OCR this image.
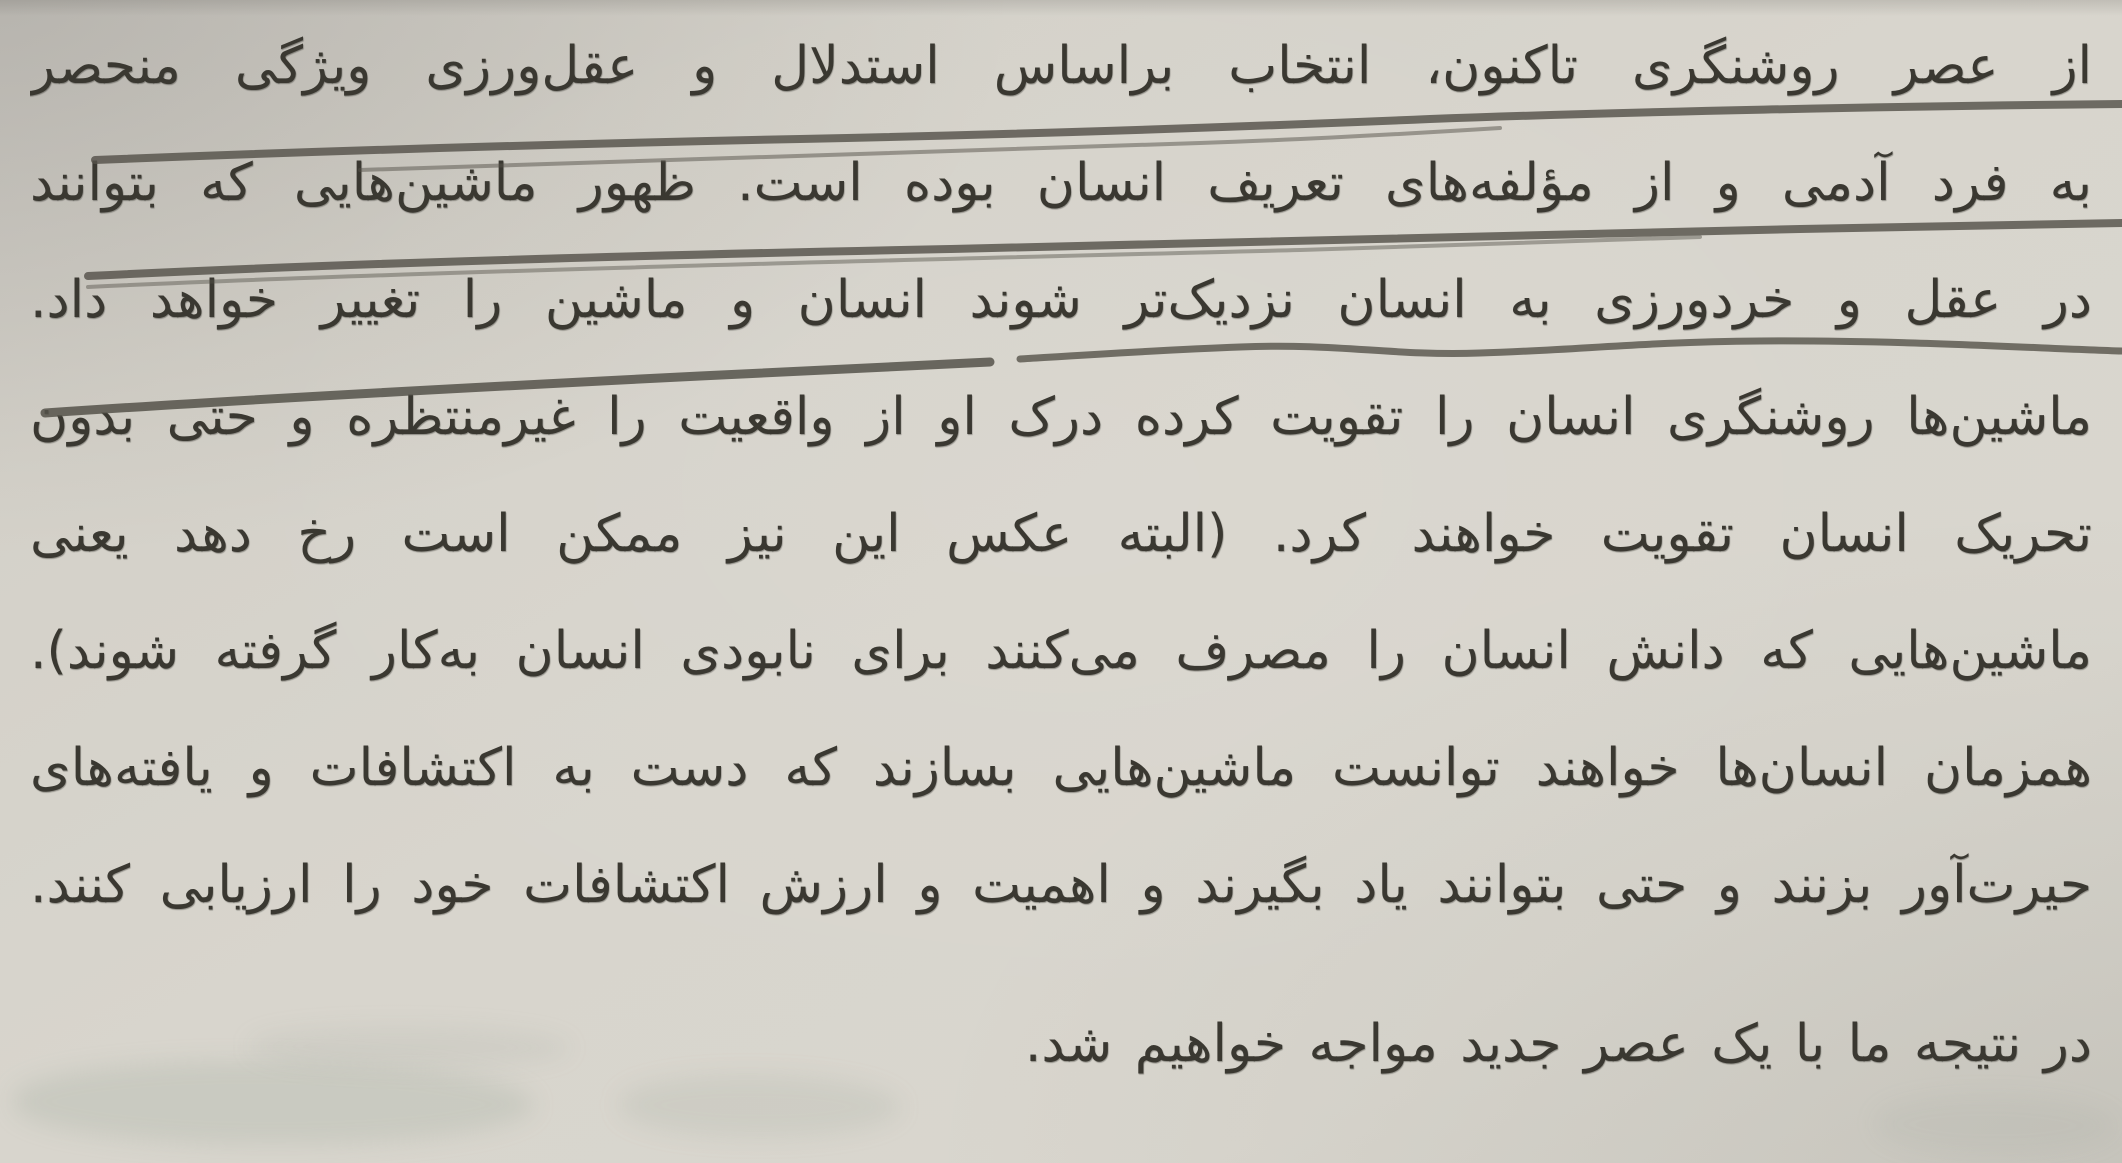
از عصر روشنگری تاکنون، انتخاب براساس استدلال و عقل‌ورزی ویژگی منحصر
به فرد آدمی و از مؤلفه‌های تعریف انسان بوده است. ظهور ماشین‌هایی که بتوانند
در عقل و خردورزی به انسان نزدیک‌تر شوند انسان و ماشین را تغییر خواهد داد.
ماشین‌ها روشنگری انسان را تقویت کرده درک او از واقعیت را غیرمنتظره و حتی بدون
تحریک انسان تقویت خواهند کرد. (البته عکس این نیز ممکن است رخ دهد یعنی
ماشین‌هایی که دانش انسان را مصرف می‌کنند برای نابودی انسان به‌کار گرفته شوند).
همزمان انسان‌ها خواهند توانست ماشین‌هایی بسازند که دست به اکتشافات و یافته‌های
حیرت‌آور بزنند و حتی بتوانند یاد بگیرند و اهمیت و ارزش اکتشافات خود را ارزیابی کنند.
در نتیجه ما با یک عصر جدید مواجه خواهیم شد.
